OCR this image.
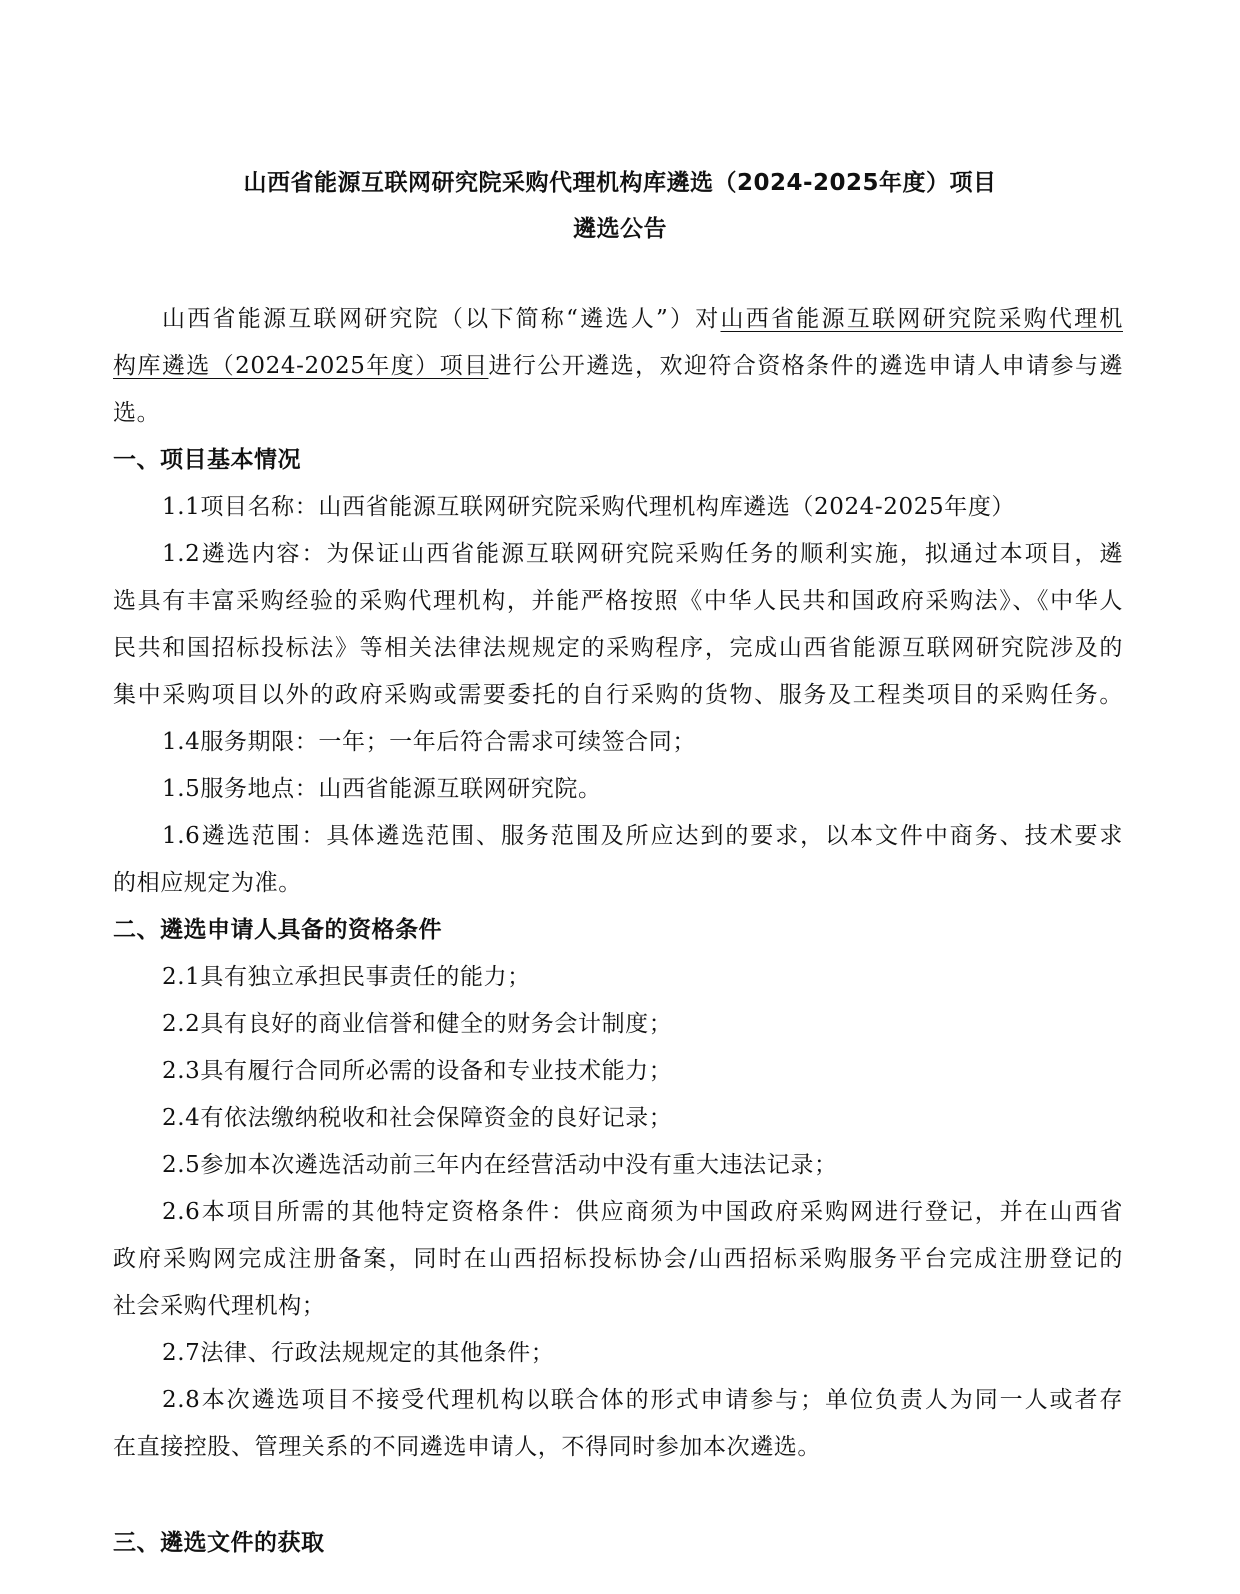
山西省能源互联网研究院采购代理机构库遴选（2024-2025年度）项目
遴选公告

山西省能源互联网研究院（以下简称“遴选人”）对山西省能源互联网研究院采购代理机

构库遴选（2024-2025年度）项目进行公开遴选，欢迎符合资格条件的遴选申请人申请参与遴

选。

一、项目基本情况

1.1项目名称：山西省能源互联网研究院采购代理机构库遴选（2024-2025年度）

1.2遴选内容：为保证山西省能源互联网研究院采购任务的顺利实施，拟通过本项目，遴

选具有丰富采购经验的采购代理机构，并能严格按照《中华人民共和国政府采购法》、《中华人

民共和国招标投标法》等相关法律法规规定的采购程序，完成山西省能源互联网研究院涉及的

集中采购项目以外的政府采购或需要委托的自行采购的货物、服务及工程类项目的采购任务。

1.4服务期限：一年；一年后符合需求可续签合同；

1.5服务地点：山西省能源互联网研究院。

1.6遴选范围：具体遴选范围、服务范围及所应达到的要求，以本文件中商务、技术要求

的相应规定为准。

二、遴选申请人具备的资格条件

2.1具有独立承担民事责任的能力；

2.2具有良好的商业信誉和健全的财务会计制度；

2.3具有履行合同所必需的设备和专业技术能力；

2.4有依法缴纳税收和社会保障资金的良好记录；

2.5参加本次遴选活动前三年内在经营活动中没有重大违法记录；

2.6本项目所需的其他特定资格条件：供应商须为中国政府采购网进行登记，并在山西省

政府采购网完成注册备案，同时在山西招标投标协会/山西招标采购服务平台完成注册登记的

社会采购代理机构；

2.7法律、行政法规规定的其他条件；

2.8本次遴选项目不接受代理机构以联合体的形式申请参与；单位负责人为同一人或者存

在直接控股、管理关系的不同遴选申请人，不得同时参加本次遴选。

三、遴选文件的获取
